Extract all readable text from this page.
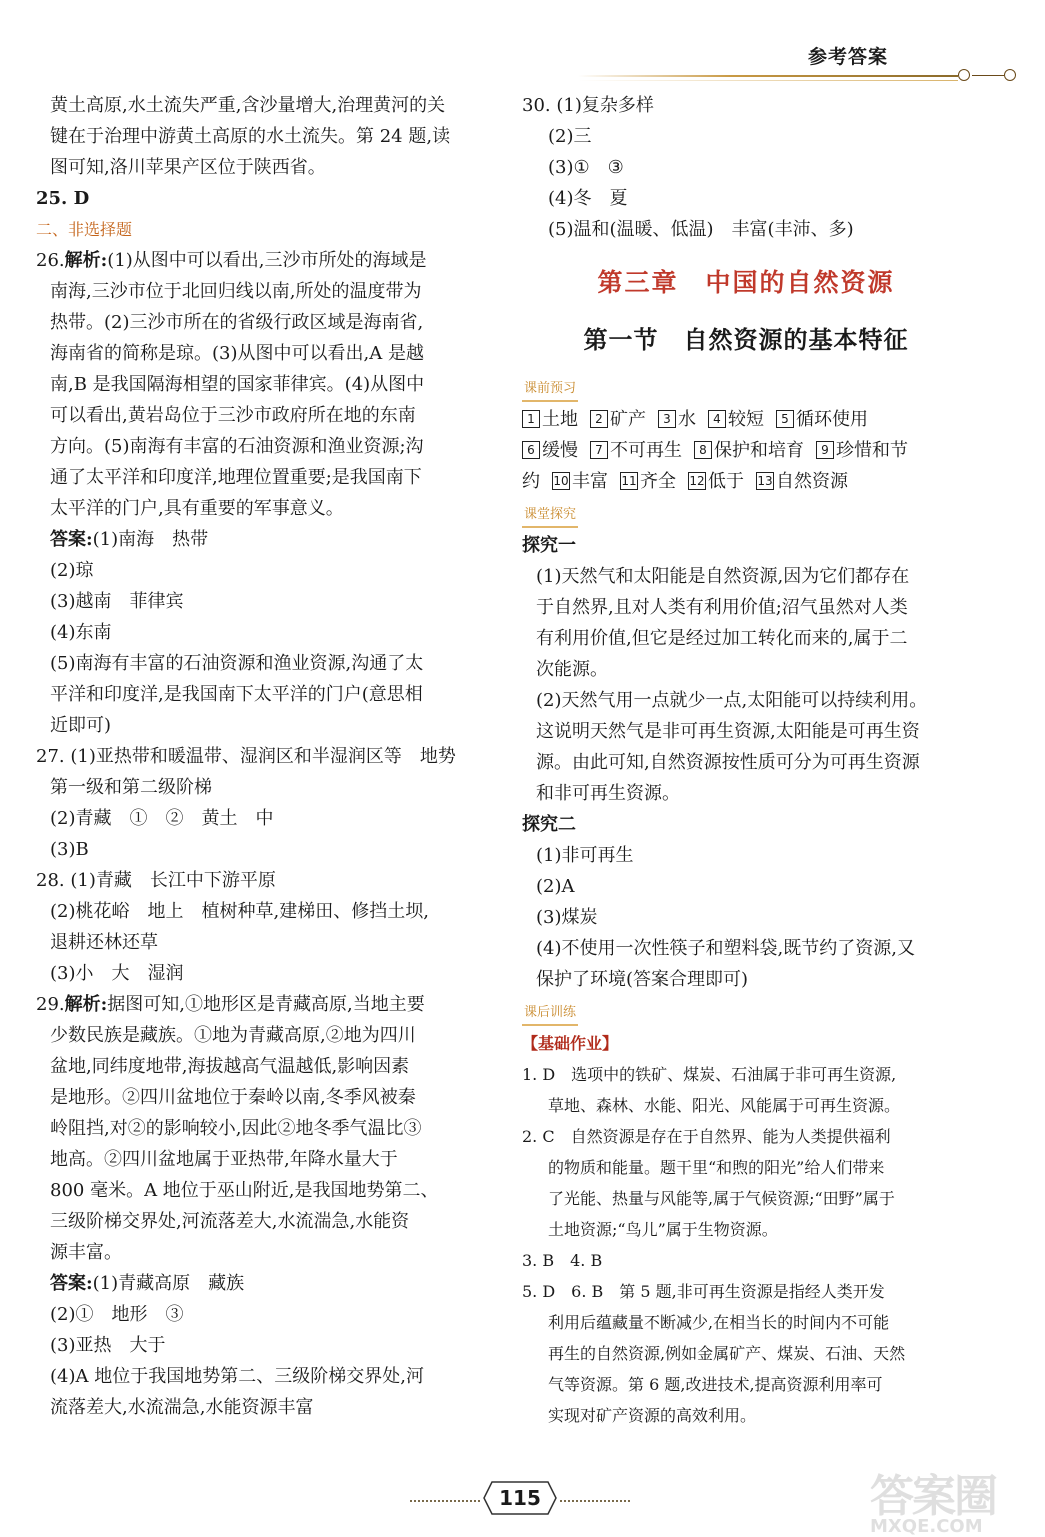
参考答案

黄土高原,水土流失严重,含沙量增大,治理黄河的关

键在于治理中游黄土高原的水土流失。第 24 题,读

图可知,洛川苹果产区位于陕西省。

25. D

二、非选择题

26.解析:(1)从图中可以看出,三沙市所处的海域是

南海,三沙市位于北回归线以南,所处的温度带为

热带。(2)三沙市所在的省级行政区域是海南省,

海南省的简称是琼。(3)从图中可以看出,A 是越

南,B 是我国隔海相望的国家菲律宾。(4)从图中

可以看出,黄岩岛位于三沙市政府所在地的东南

方向。(5)南海有丰富的石油资源和渔业资源;沟

通了太平洋和印度洋,地理位置重要;是我国南下

太平洋的门户,具有重要的军事意义。

答案:(1)南海　热带

(2)琼

(3)越南　菲律宾

(4)东南

(5)南海有丰富的石油资源和渔业资源,沟通了太

平洋和印度洋,是我国南下太平洋的门户(意思相

近即可)

27. (1)亚热带和暖温带、湿润区和半湿润区等　地势

第一级和第二级阶梯

(2)青藏　①　②　黄土　中

(3)B

28. (1)青藏　长江中下游平原

(2)桃花峪　地上　植树种草,建梯田、修挡土坝,

退耕还林还草

(3)小　大　湿润

29.解析:据图可知,①地形区是青藏高原,当地主要

少数民族是藏族。①地为青藏高原,②地为四川

盆地,同纬度地带,海拔越高气温越低,影响因素

是地形。②四川盆地位于秦岭以南,冬季风被秦

岭阻挡,对②的影响较小,因此②地冬季气温比③

地高。②四川盆地属于亚热带,年降水量大于

800 毫米。A 地位于巫山附近,是我国地势第二、

三级阶梯交界处,河流落差大,水流湍急,水能资

源丰富。

答案:(1)青藏高原　藏族

(2)①　地形　③

(3)亚热　大于

(4)A 地位于我国地势第二、三级阶梯交界处,河

流落差大,水流湍急,水能资源丰富

30. (1)复杂多样

(2)三

(3)①　③

(4)冬　夏

(5)温和(温暖、低温)　丰富(丰沛、多)

第三章　中国的自然资源
第一节　自然资源的基本特征
课前预习

1 土地 2 矿产 3 水 4 较短 5 循环使用

6 缓慢 7 不可再生 8 保护和培育 9 珍惜和节

约 10 丰富 11 齐全 12 低于 13 自然资源

课堂探究

探究一

(1)天然气和太阳能是自然资源,因为它们都存在

于自然界,且对人类有利用价值;沼气虽然对人类

有利用价值,但它是经过加工转化而来的,属于二

次能源。

(2)天然气用一点就少一点,太阳能可以持续利用。

这说明天然气是非可再生资源,太阳能是可再生资

源。由此可知,自然资源按性质可分为可再生资源

和非可再生资源。

探究二

(1)非可再生

(2)A

(3)煤炭

(4)不使用一次性筷子和塑料袋,既节约了资源,又

保护了环境(答案合理即可)

课后训练

【基础作业】

1. D　选项中的铁矿、煤炭、石油属于非可再生资源,

草地、森林、水能、阳光、风能属于可再生资源。

2. C　自然资源是存在于自然界、能为人类提供福利

的物质和能量。题干里“和煦的阳光”给人们带来

了光能、热量与风能等,属于气候资源;“田野”属于

土地资源;“鸟儿”属于生物资源。

3. B　4. B

5. D　6. B　第 5 题,非可再生资源是指经人类开发

利用后蕴藏量不断减少,在相当长的时间内不可能

再生的自然资源,例如金属矿产、煤炭、石油、天然

气等资源。第 6 题,改进技术,提高资源利用率可

实现对矿产资源的高效利用。

115	答案圈
MXQE.COM
